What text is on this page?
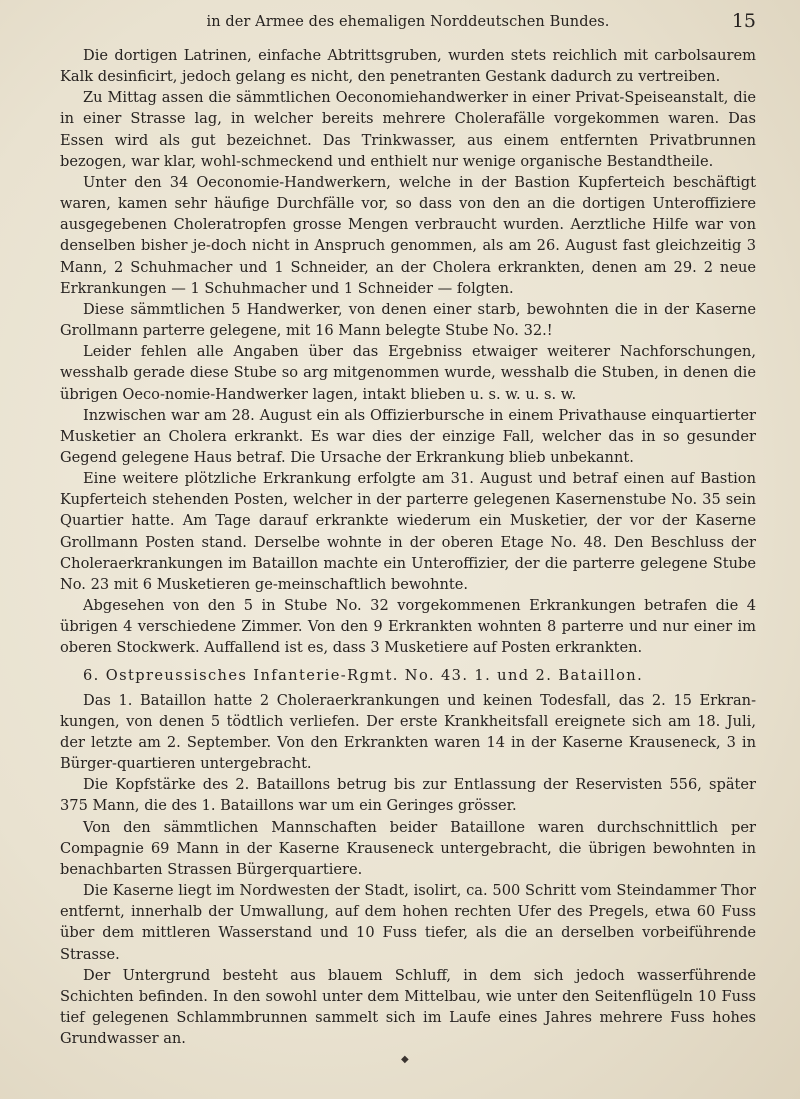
in der Armee des ehemaligen Norddeutschen Bundes.	15

Die dortigen Latrinen, einfache Abtrittsgruben, wurden stets reichlich mit carbolsaurem Kalk desinficirt, jedoch gelang es nicht, den penetranten Gestank dadurch zu vertreiben.

Zu Mittag assen die sämmtlichen Oeconomiehandwerker in einer Privat-Speiseanstalt, die in einer Strasse lag, in welcher bereits mehrere Cholerafälle vorgekommen waren. Das Essen wird als gut bezeichnet. Das Trinkwasser, aus einem entfernten Privatbrunnen bezogen, war klar, wohl-schmeckend und enthielt nur wenige organische Bestandtheile.

Unter den 34 Oeconomie-Handwerkern, welche in der Bastion Kupferteich beschäftigt waren, kamen sehr häufige Durchfälle vor, so dass von den an die dortigen Unteroffiziere ausgegebenen Choleratropfen grosse Mengen verbraucht wurden. Aerztliche Hilfe war von denselben bisher je-doch nicht in Anspruch genommen, als am 26. August fast gleichzeitig 3 Mann, 2 Schuhmacher und 1 Schneider, an der Cholera erkrankten, denen am 29. 2 neue Erkrankungen — 1 Schuhmacher und 1 Schneider — folgten.

Diese sämmtlichen 5 Handwerker, von denen einer starb, bewohnten die in der Kaserne Grollmann parterre gelegene, mit 16 Mann belegte Stube No. 32.!

Leider fehlen alle Angaben über das Ergebniss etwaiger weiterer Nachforschungen, wesshalb gerade diese Stube so arg mitgenommen wurde, wesshalb die Stuben, in denen die übrigen Oeco-nomie-Handwerker lagen, intakt blieben u. s. w. u. s. w.

Inzwischen war am 28. August ein als Offizierbursche in einem Privathause einquartierter Musketier an Cholera erkrankt. Es war dies der einzige Fall, welcher das in so gesunder Gegend gelegene Haus betraf. Die Ursache der Erkrankung blieb unbekannt.

Eine weitere plötzliche Erkrankung erfolgte am 31. August und betraf einen auf Bastion Kupferteich stehenden Posten, welcher in der parterre gelegenen Kasernenstube No. 35 sein Quartier hatte. Am Tage darauf erkrankte wiederum ein Musketier, der vor der Kaserne Grollmann Posten stand. Derselbe wohnte in der oberen Etage No. 48. Den Beschluss der Choleraerkrankungen im Bataillon machte ein Unteroffizier, der die parterre gelegene Stube No. 23 mit 6 Musketieren ge-meinschaftlich bewohnte.

Abgesehen von den 5 in Stube No. 32 vorgekommenen Erkrankungen betrafen die 4 übrigen 4 verschiedene Zimmer. Von den 9 Erkrankten wohnten 8 parterre und nur einer im oberen Stockwerk. Auffallend ist es, dass 3 Musketiere auf Posten erkrankten.

6. Ostpreussisches Infanterie-Rgmt. No. 43. 1. und 2. Bataillon.

Das 1. Bataillon hatte 2 Choleraerkrankungen und keinen Todesfall, das 2. 15 Erkran-kungen, von denen 5 tödtlich verliefen. Der erste Krankheitsfall ereignete sich am 18. Juli, der letzte am 2. September. Von den Erkrankten waren 14 in der Kaserne Krauseneck, 3 in Bürger-quartieren untergebracht.

Die Kopfstärke des 2. Bataillons betrug bis zur Entlassung der Reservisten 556, später 375 Mann, die des 1. Bataillons war um ein Geringes grösser.

Von den sämmtlichen Mannschaften beider Bataillone waren durchschnittlich per Compagnie 69 Mann in der Kaserne Krauseneck untergebracht, die übrigen bewohnten in benachbarten Strassen Bürgerquartiere.

Die Kaserne liegt im Nordwesten der Stadt, isolirt, ca. 500 Schritt vom Steindammer Thor entfernt, innerhalb der Umwallung, auf dem hohen rechten Ufer des Pregels, etwa 60 Fuss über dem mittleren Wasserstand und 10 Fuss tiefer, als die an derselben vorbeiführende Strasse.

Der Untergrund besteht aus blauem Schluff, in dem sich jedoch wasserführende Schichten befinden. In den sowohl unter dem Mittelbau, wie unter den Seitenflügeln 10 Fuss tief gelegenen Schlammbrunnen sammelt sich im Laufe eines Jahres mehrere Fuss hohes Grundwasser an.

◆
